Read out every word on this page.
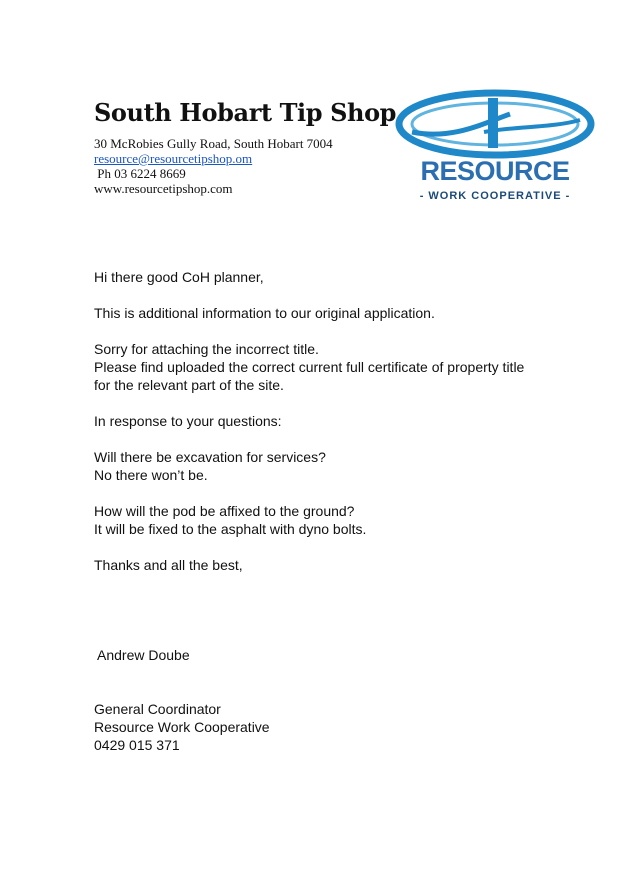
South Hobart Tip Shop
30 McRobies Gully Road, South Hobart 7004
resource@resourcetipshop.om
Ph 03 6224 8669
www.resourcetipshop.com
RESOURCE
- WORK COOPERATIVE -

Hi there good CoH planner,

This is additional information to our original application.

Sorry for attaching the incorrect title.
Please find uploaded the correct current full certificate of property title
for the relevant part of the site.

In response to your questions:

Will there be excavation for services?
No there won’t be.

How will the pod be affixed to the ground?
It will be fixed to the asphalt with dyno bolts.

Thanks and all the best,

Andrew Doube
General Coordinator
Resource Work Cooperative
0429 015 371
